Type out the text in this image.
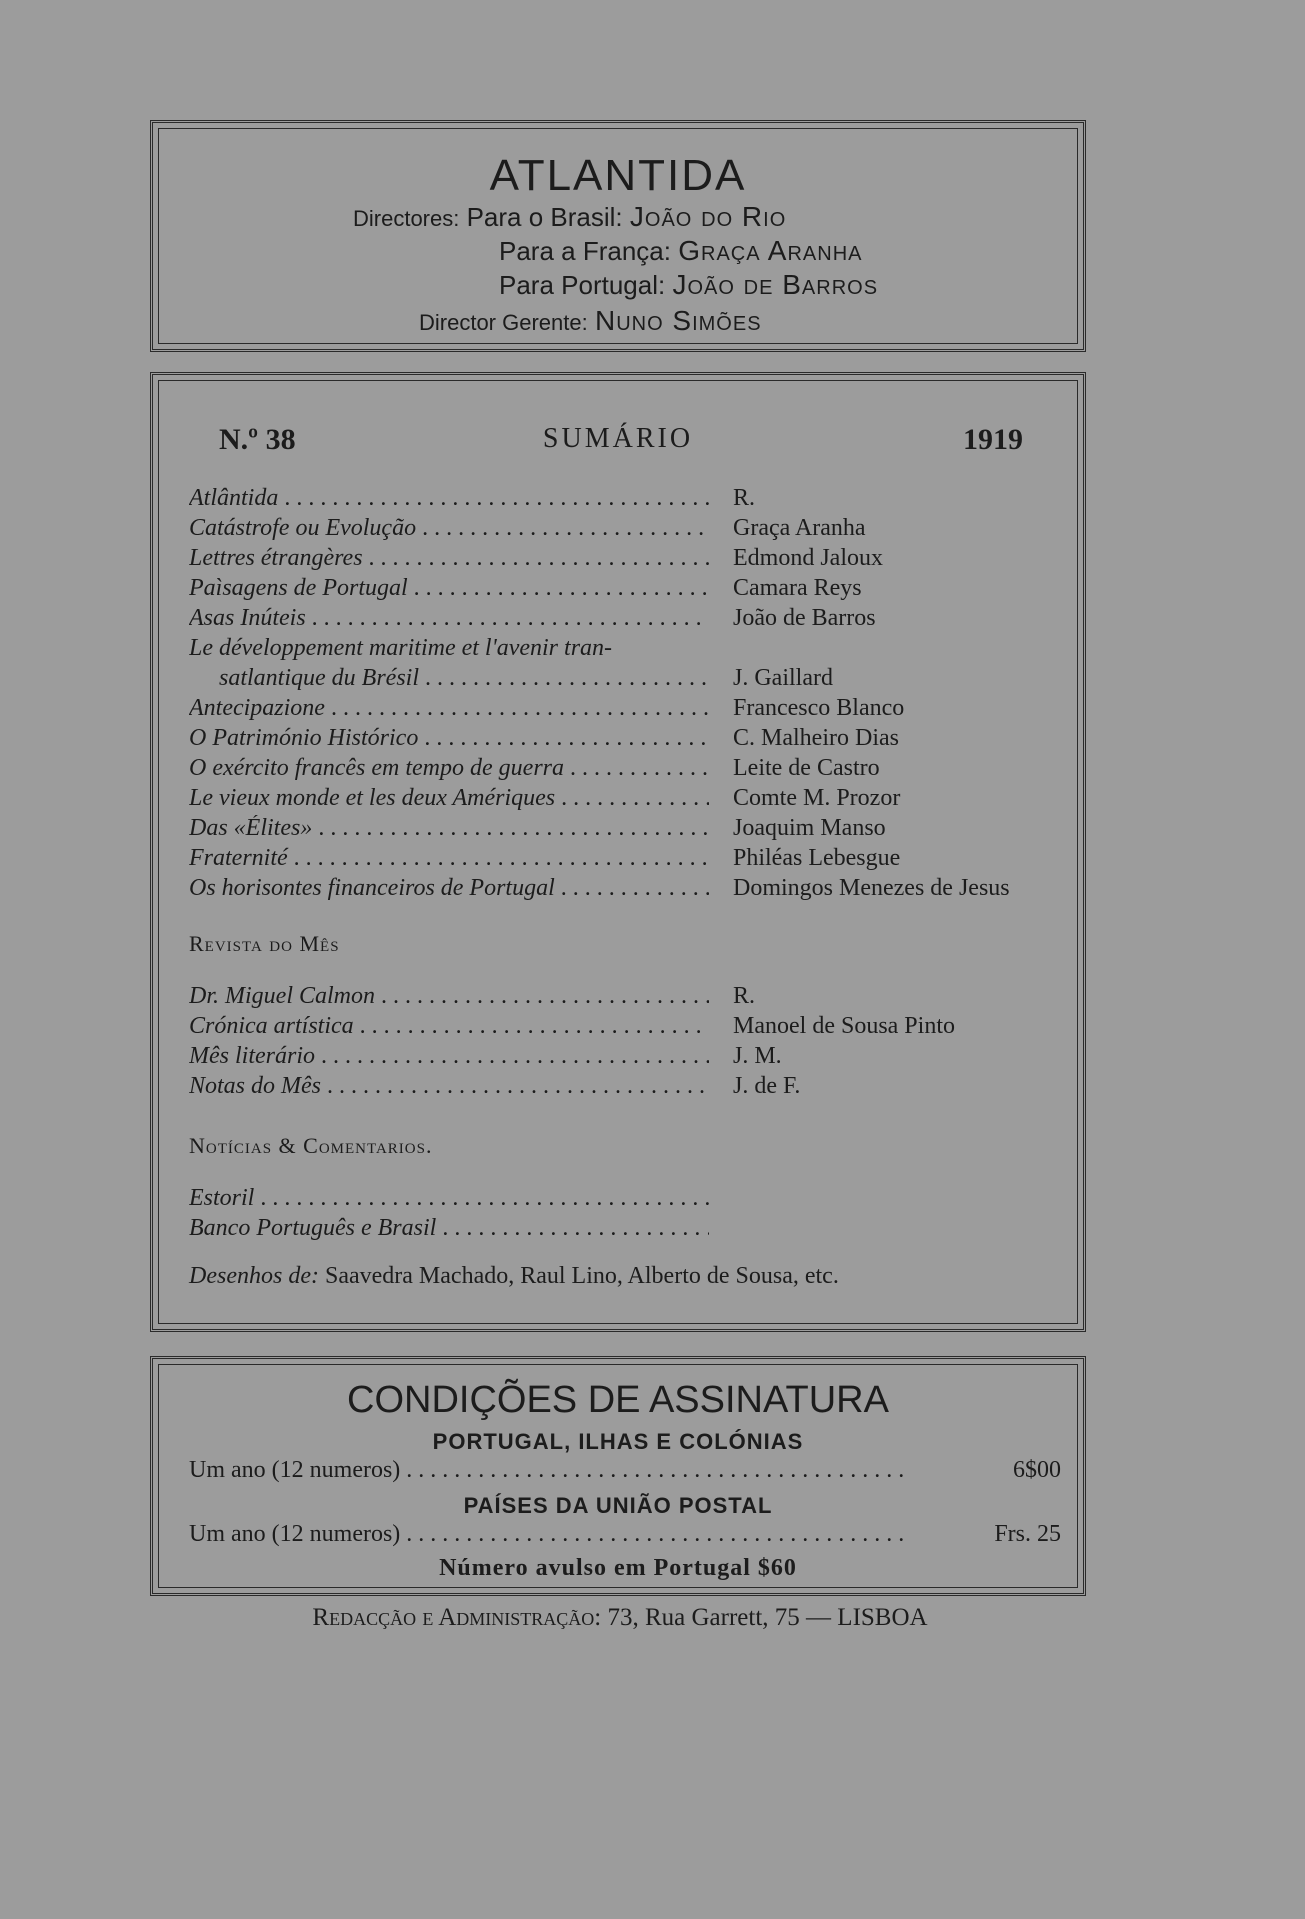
ATLANTIDA
Directores: Para o Brasil: João do Rio
Para a França: Graça Aranha
Para Portugal: João de Barros
Director Gerente: Nuno Simões
N.º 38	SUMÁRIO	1919
Atlântida . . .	R.
Catástrofe ou Evolução . . .	Graça Aranha
Lettres étrangères . . .	Edmond Jaloux
Paìsagens de Portugal . . .	Camara Reys
Asas Inúteis . . .	João de Barros
Le développement maritime et l'avenir tran-
satlantique du Brésil . . .	J. Gaillard
Antecipazione . . .	Francesco Blanco
O Património Histórico . . .	C. Malheiro Dias
O exército francês em tempo de guerra . . .	Leite de Castro
Le vieux monde et les deux Amériques . . .	Comte M. Prozor
Das «Élites» . . .	Joaquim Manso
Fraternité . . .	Philéas Lebesgue
Os horisontes financeiros de Portugal . . .	Domingos Menezes de Jesus
Revista do Mês
Dr. Miguel Calmon . . .	R.
Crónica artística . . .	Manoel de Sousa Pinto
Mês literário . . .	J. M.
Notas do Mês . . .	J. de F.
Notícias & Comentarios.
Estoril . . .
Banco Português e Brasil . . .
Desenhos de: Saavedra Machado, Raul Lino, Alberto de Sousa, etc.
CONDIÇÕES DE ASSINATURA
PORTUGAL, ILHAS E COLÓNIAS
Um ano (12 numeros) . . .	6$00
PAÍSES DA UNIÃO POSTAL
Um ano (12 numeros) . . .	Frs. 25
Número avulso em Portugal $60
Redacção e Administração: 73, Rua Garrett, 75 — LISBOA
